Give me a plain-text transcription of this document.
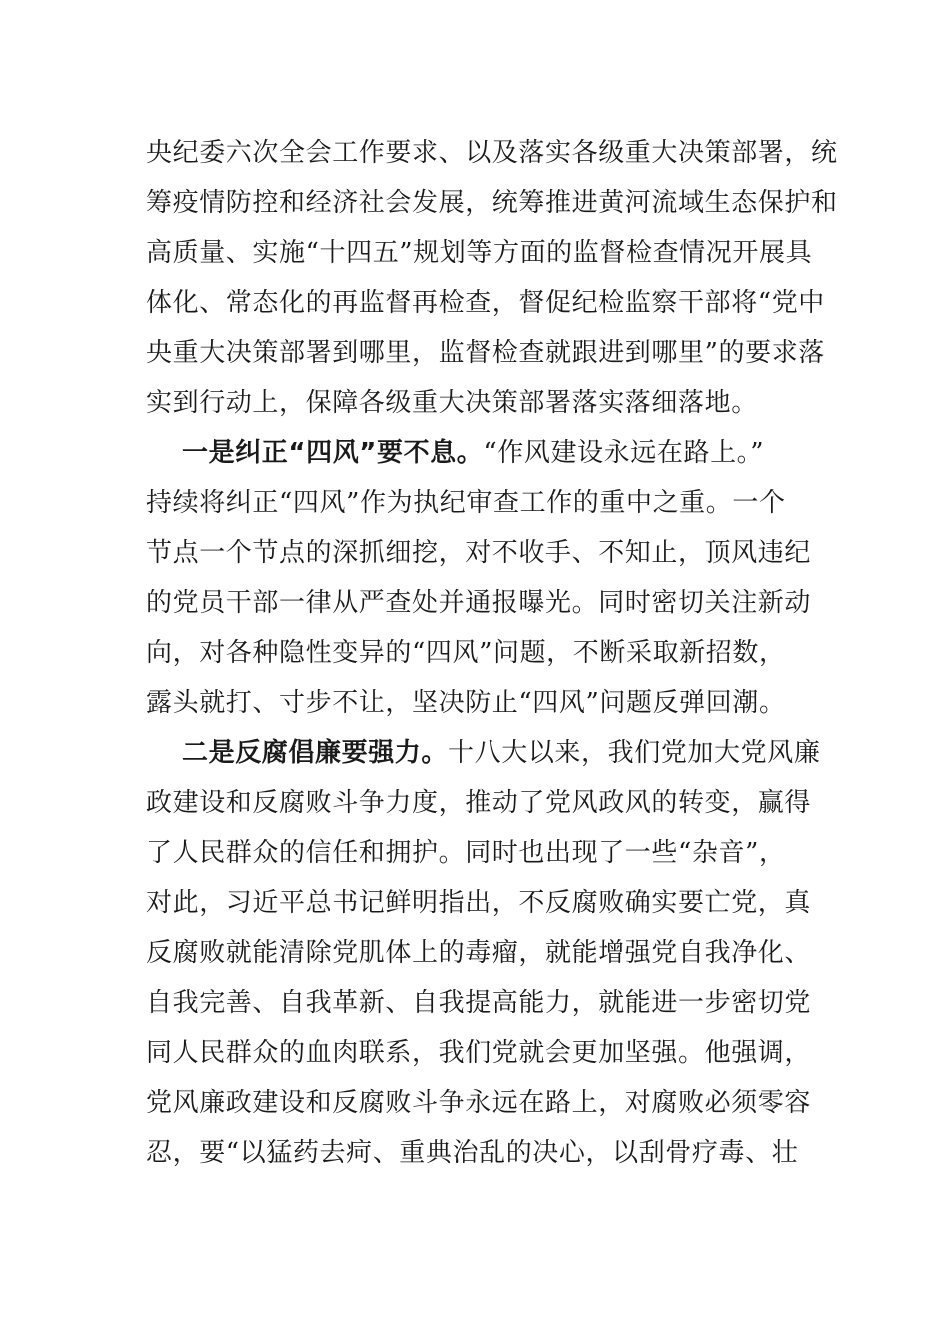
央纪委六次全会工作要求、以及落实各级重大决策部署，统
筹疫情防控和经济社会发展，统筹推进黄河流域生态保护和
高质量、实施“十四五”规划等方面的监督检查情况开展具
体化、常态化的再监督再检查，督促纪检监察干部将“党中
央重大决策部署到哪里，监督检查就跟进到哪里”的要求落
实到行动上，保障各级重大决策部署落实落细落地。
一是纠正“四风”要不息。“作风建设永远在路上。”
持续将纠正“四风”作为执纪审查工作的重中之重。一个
节点一个节点的深抓细挖，对不收手、不知止，顶风违纪
的党员干部一律从严查处并通报曝光。同时密切关注新动
向，对各种隐性变异的“四风”问题，不断采取新招数，
露头就打、寸步不让，坚决防止“四风”问题反弹回潮。
二是反腐倡廉要强力。十八大以来，我们党加大党风廉
政建设和反腐败斗争力度，推动了党风政风的转变，赢得
了人民群众的信任和拥护。同时也出现了一些“杂音”，
对此，习近平总书记鲜明指出，不反腐败确实要亡党，真
反腐败就能清除党肌体上的毒瘤，就能增强党自我净化、
自我完善、自我革新、自我提高能力，就能进一步密切党
同人民群众的血肉联系，我们党就会更加坚强。他强调，
党风廉政建设和反腐败斗争永远在路上，对腐败必须零容
忍，要“以猛药去疴、重典治乱的决心，以刮骨疗毒、壮
